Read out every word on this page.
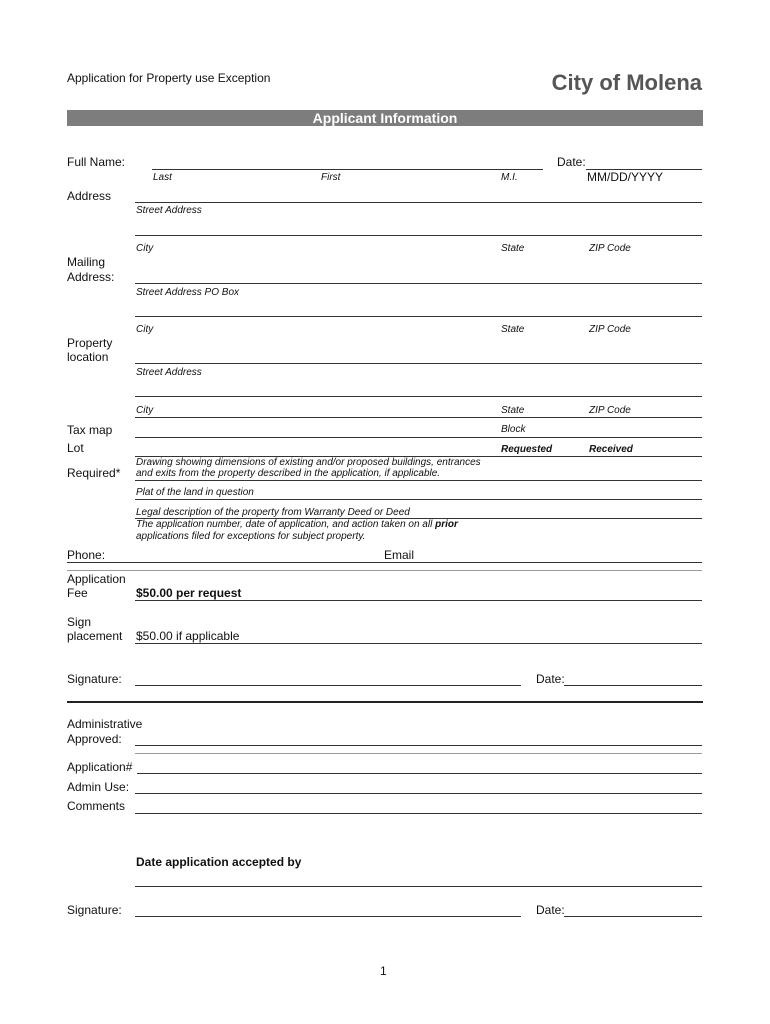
Application for Property use Exception	City of Molena
Applicant Information
Full Name:
Last	First	M.I.
Date:
MM/DD/YYYY
Address
Street Address
City	State	ZIP Code
Mailing
Address:
Street Address PO Box
City	State	ZIP Code
Property
location
Street Address
City	State	ZIP Code
Tax map	Block
Lot	Requested	Received
Required*
Drawing showing dimensions of existing and/or proposed buildings, entrances
and exits from the property described in the application, if applicable.
Plat of the land in question
Legal description of the property from Warranty Deed or Deed
The application number, date of application, and action taken on all prior
applications filed for exceptions for subject property.
Phone:	Email
Application
Fee	$50.00 per request
Sign
placement $50.00 if applicable
Signature:	Date:
Administrative
Approved:
Application#
Admin Use:
Comments
Date application accepted by
Signature:	Date:
1
